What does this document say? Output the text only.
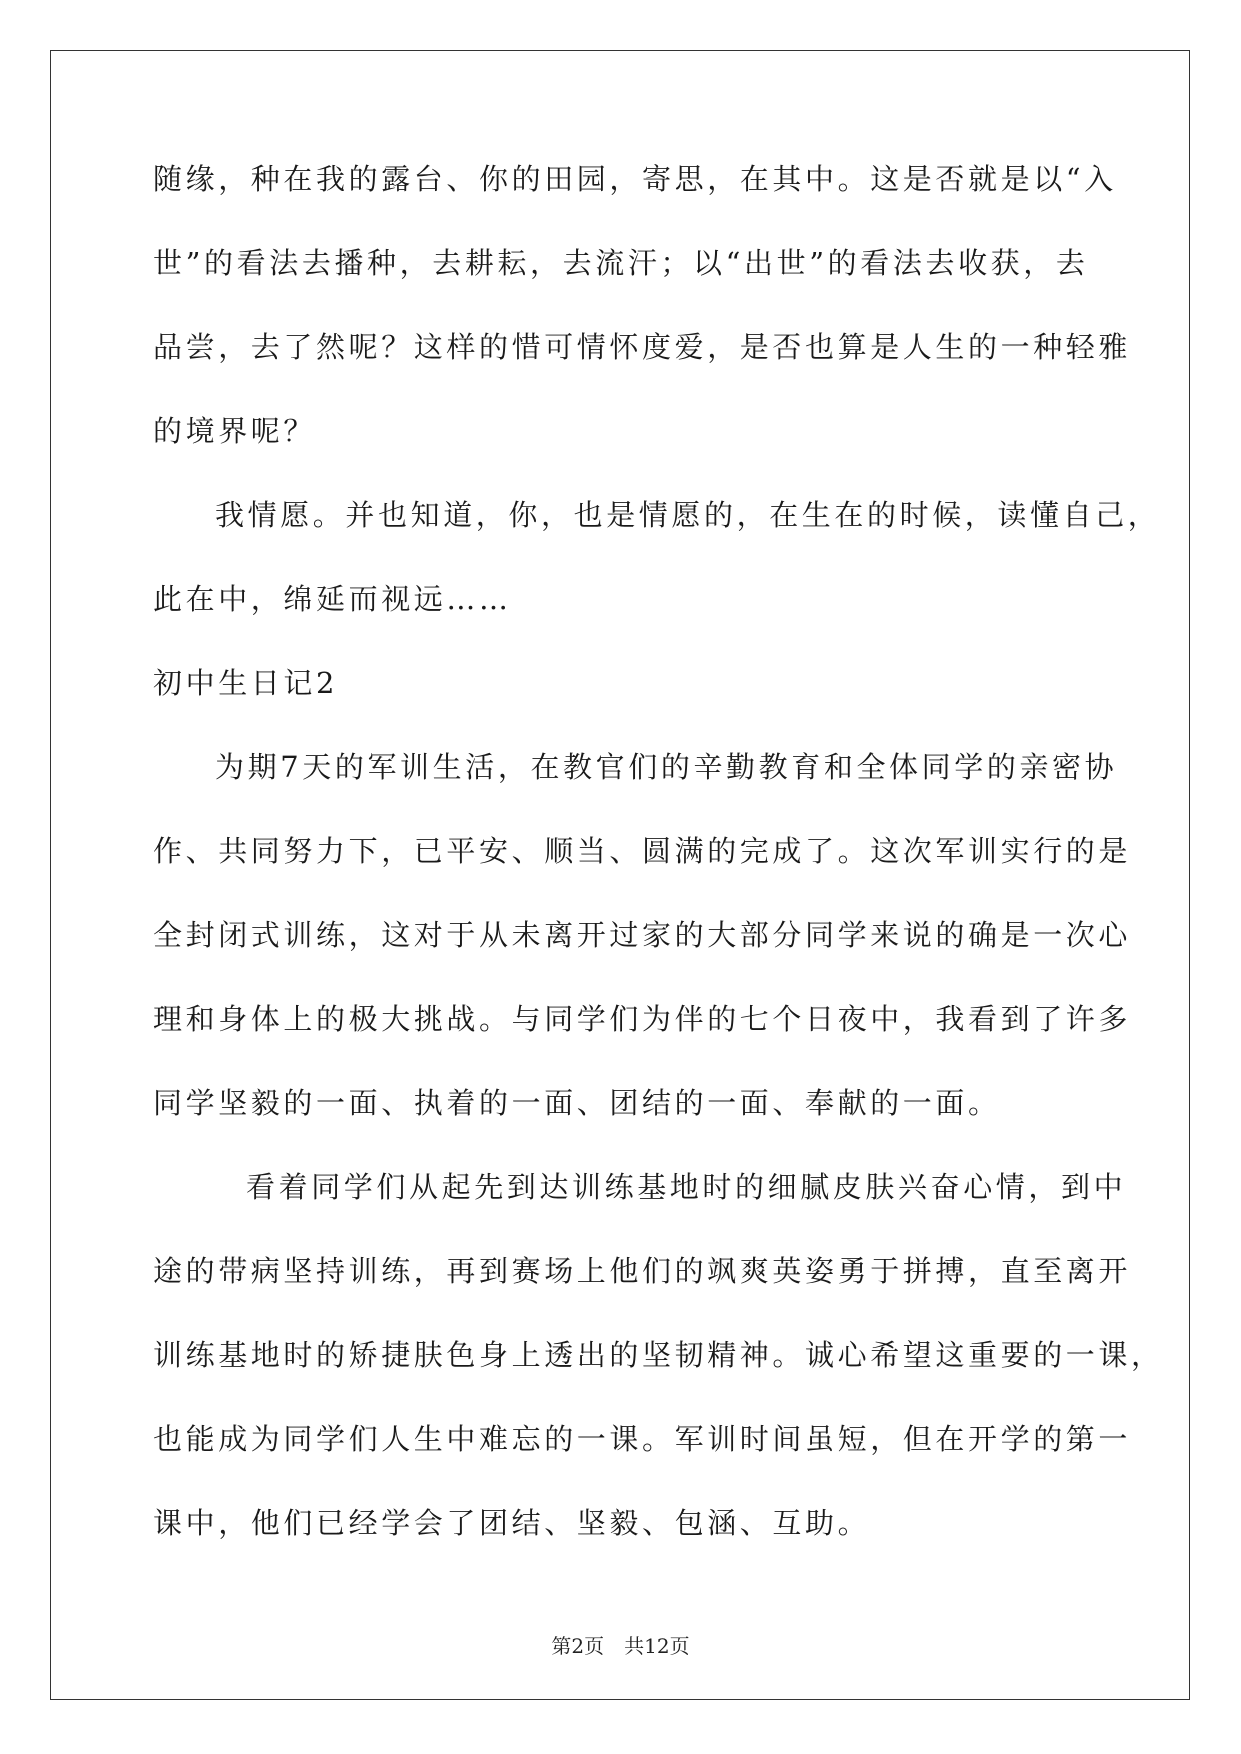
随缘，种在我的露台、你的田园，寄思，在其中。这是否就是以“入
世”的看法去播种，去耕耘，去流汗；以“出世”的看法去收获，去
品尝，去了然呢？这样的惜可情怀度爱，是否也算是人生的一种轻雅
的境界呢？
我情愿。并也知道，你，也是情愿的，在生在的时候，读懂自己，
此在中，绵延而视远……
初中生日记2
为期7天的军训生活，在教官们的辛勤教育和全体同学的亲密协
作、共同努力下，已平安、顺当、圆满的完成了。这次军训实行的是
全封闭式训练，这对于从未离开过家的大部分同学来说的确是一次心
理和身体上的极大挑战。与同学们为伴的七个日夜中，我看到了许多
同学坚毅的一面、执着的一面、团结的一面、奉献的一面。
看着同学们从起先到达训练基地时的细腻皮肤兴奋心情，到中
途的带病坚持训练，再到赛场上他们的飒爽英姿勇于拼搏，直至离开
训练基地时的矫捷肤色身上透出的坚韧精神。诚心希望这重要的一课，
也能成为同学们人生中难忘的一课。军训时间虽短，但在开学的第一
课中，他们已经学会了团结、坚毅、包涵、互助。
第2页　共12页
